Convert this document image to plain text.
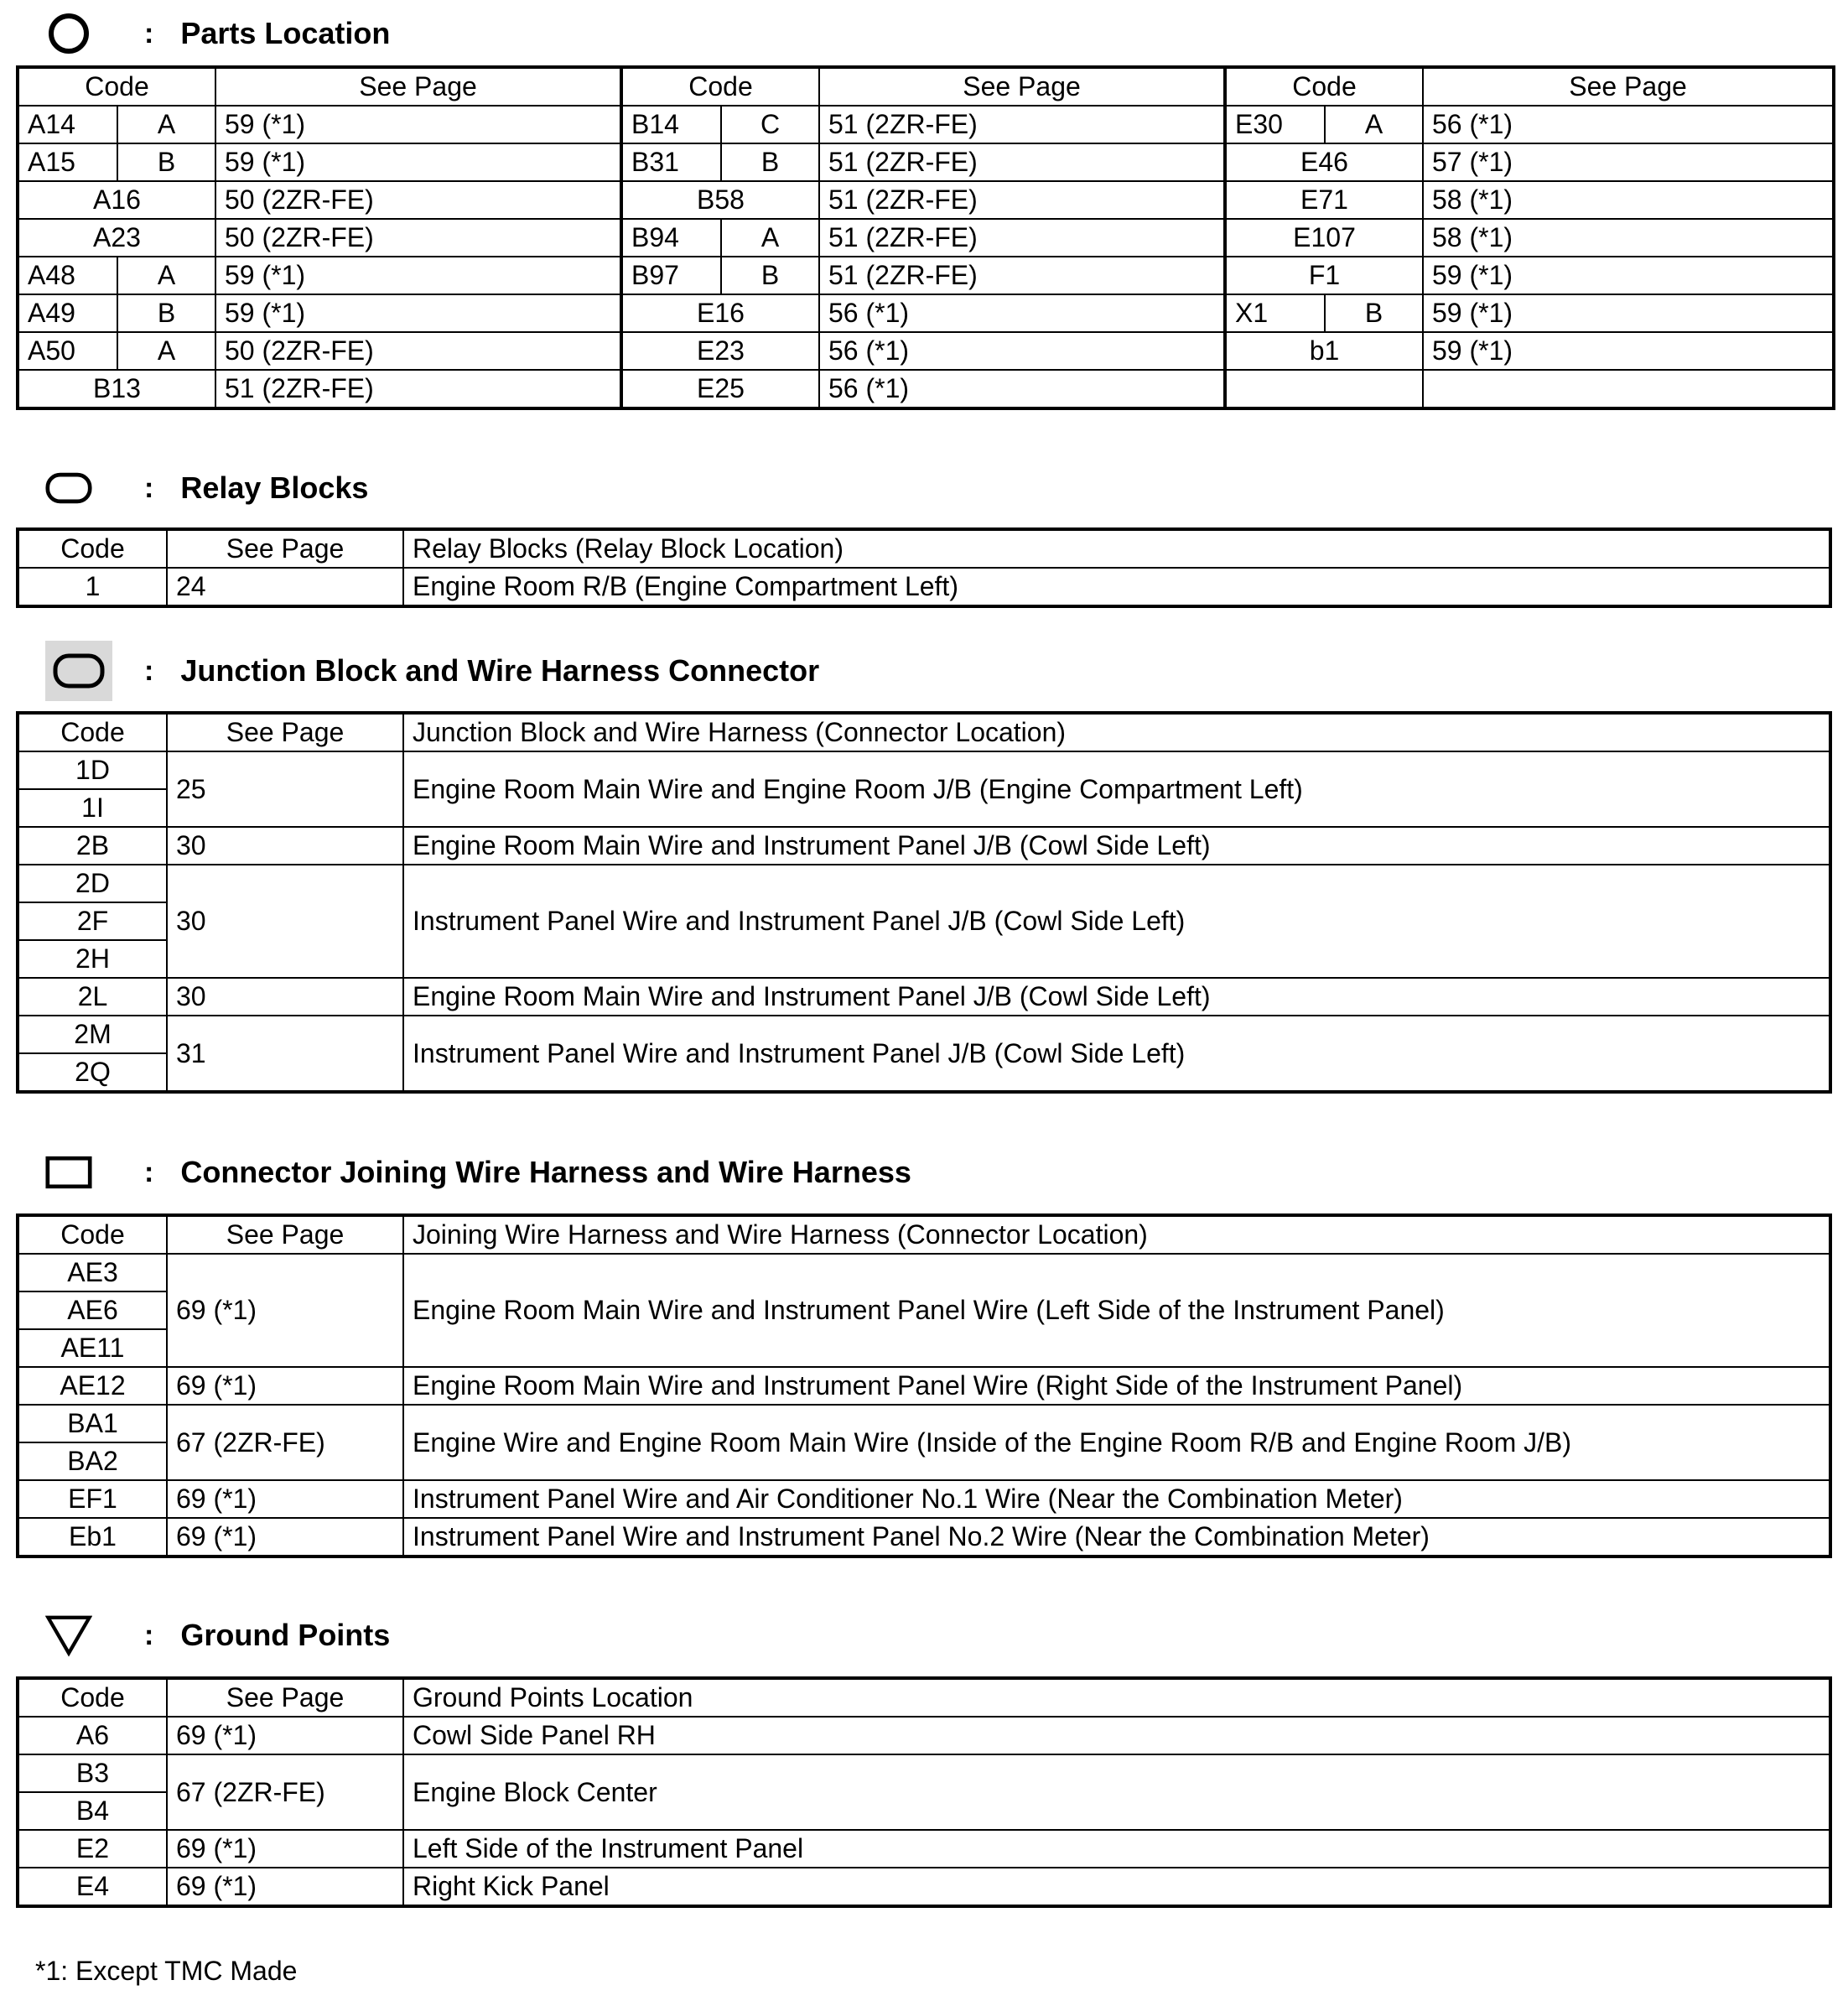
: Parts Location
Code		See Page	Code		See Page	Code		See Page
A14	A	59 (*1)	B14	C	51 (2ZR-FE)	E30	A	56 (*1)
A15	B	59 (*1)	B31	B	51 (2ZR-FE)	E46		57 (*1)
A16		50 (2ZR-FE)	B58		51 (2ZR-FE)	E71		58 (*1)
A23		50 (2ZR-FE)	B94	A	51 (2ZR-FE)	E107		58 (*1)
A48	A	59 (*1)	B97	B	51 (2ZR-FE)	F1		59 (*1)
A49	B	59 (*1)	E16		56 (*1)	X1	B	59 (*1)
A50	A	50 (2ZR-FE)	E23		56 (*1)	b1		59 (*1)
B13		51 (2ZR-FE)	E25		56 (*1)			
: Relay Blocks
Code	See Page	Relay Blocks (Relay Block Location)
1	24	Engine Room R/B (Engine Compartment Left)
: Junction Block and Wire Harness Connector
Code	See Page	Junction Block and Wire Harness (Connector Location)
1D	25	Engine Room Main Wire and Engine Room J/B (Engine Compartment Left)
1I		
2B	30	Engine Room Main Wire and Instrument Panel J/B (Cowl Side Left)
2D	30	Instrument Panel Wire and Instrument Panel J/B (Cowl Side Left)
2F		
2H		
2L	30	Engine Room Main Wire and Instrument Panel J/B (Cowl Side Left)
2M	31	Instrument Panel Wire and Instrument Panel J/B (Cowl Side Left)
2Q		
: Connector Joining Wire Harness and Wire Harness
Code	See Page	Joining Wire Harness and Wire Harness (Connector Location)
AE3	69 (*1)	Engine Room Main Wire and Instrument Panel Wire (Left Side of the Instrument Panel)
AE6		
AE11		
AE12	69 (*1)	Engine Room Main Wire and Instrument Panel Wire (Right Side of the Instrument Panel)
BA1	67 (2ZR-FE)	Engine Wire and Engine Room Main Wire (Inside of the Engine Room R/B and Engine Room J/B)
BA2		
EF1	69 (*1)	Instrument Panel Wire and Air Conditioner No.1 Wire (Near the Combination Meter)
Eb1	69 (*1)	Instrument Panel Wire and Instrument Panel No.2 Wire (Near the Combination Meter)
: Ground Points
Code	See Page	Ground Points Location
A6	69 (*1)	Cowl Side Panel RH
B3	67 (2ZR-FE)	Engine Block Center
B4		
E2	69 (*1)	Left Side of the Instrument Panel
E4	69 (*1)	Right Kick Panel
*1: Except TMC Made
